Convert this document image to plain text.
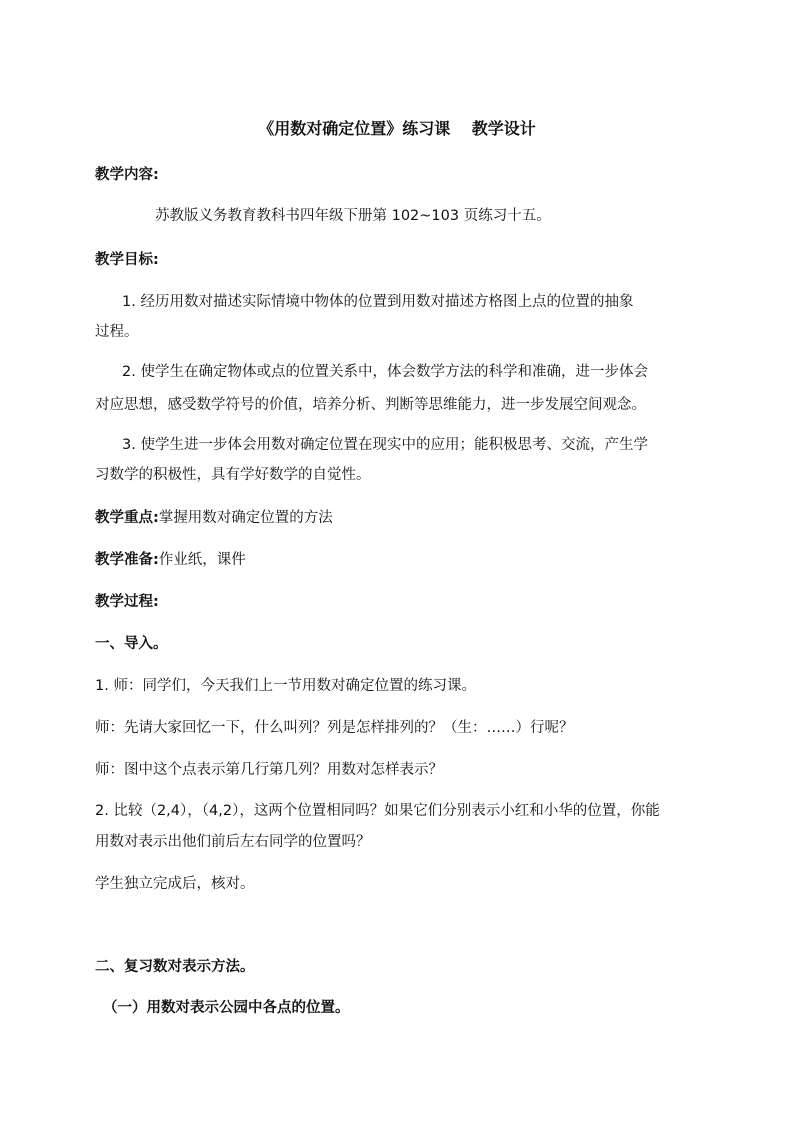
《用数对确定位置》练习课　 教学设计
教学内容:
苏教版义务教育教科书四年级下册第 102~103 页练习十五。
教学目标:
1. 经历用数对描述实际情境中物体的位置到用数对描述方格图上点的位置的抽象
过程。
2. 使学生在确定物体或点的位置关系中，体会数学方法的科学和准确，进一步体会
对应思想，感受数学符号的价值，培养分析、判断等思维能力，进一步发展空间观念。
3. 使学生进一步体会用数对确定位置在现实中的应用；能积极思考、交流，产生学
习数学的积极性，具有学好数学的自觉性。
教学重点:掌握用数对确定位置的方法
教学准备:作业纸，课件
教学过程:
一、导入。
1. 师：同学们，今天我们上一节用数对确定位置的练习课。
师：先请大家回忆一下，什么叫列？列是怎样排列的？（生：……）行呢？
师：图中这个点表示第几行第几列？用数对怎样表示？
2. 比较（2,4），（4,2），这两个位置相同吗？如果它们分别表示小红和小华的位置，你能
用数对表示出他们前后左右同学的位置吗？
学生独立完成后，核对。
二、复习数对表示方法。
（一）用数对表示公园中各点的位置。
